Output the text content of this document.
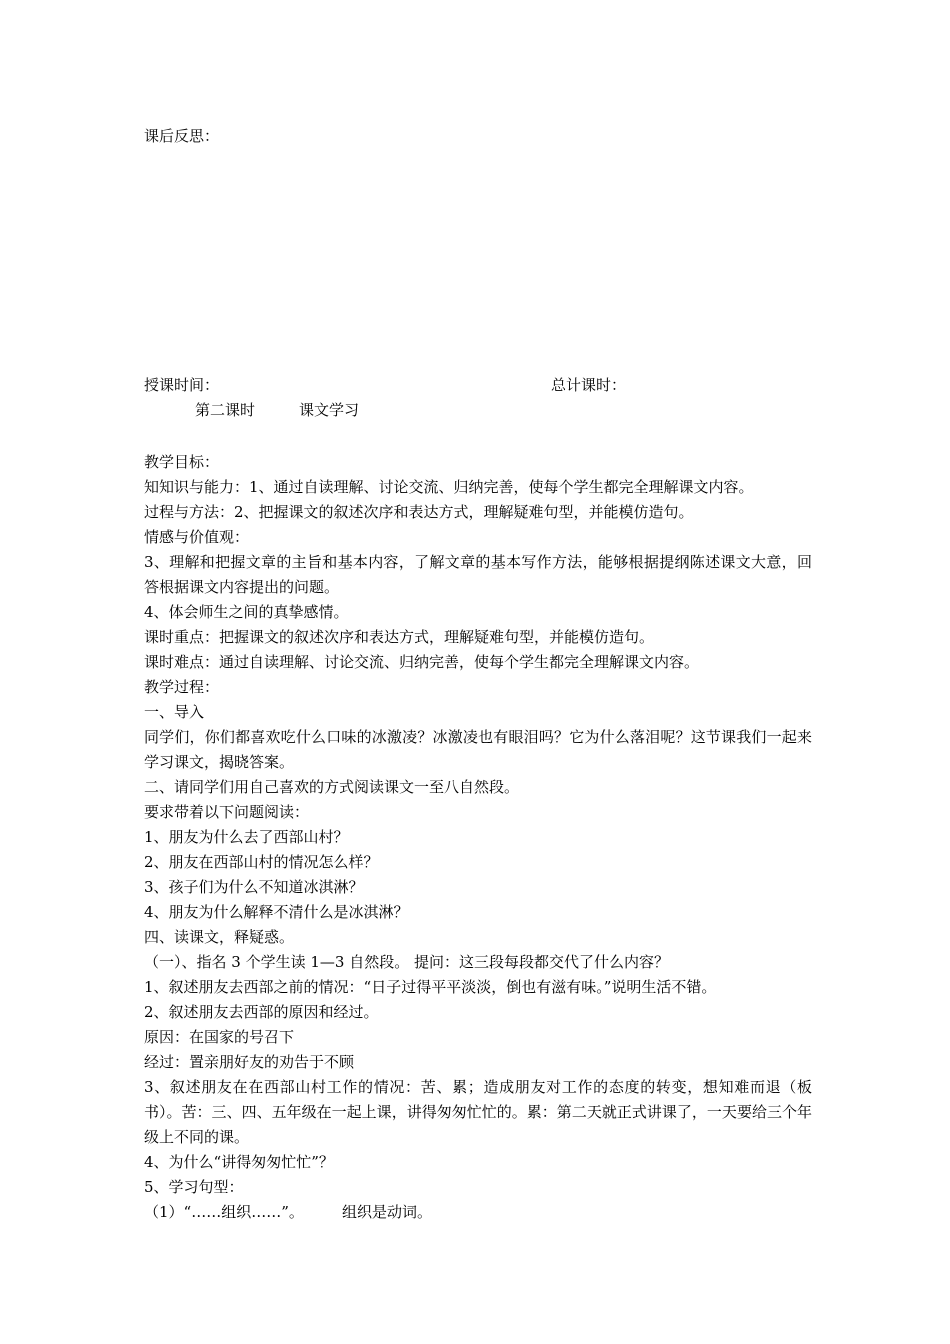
课后反思：
授课时间：	总计课时：
第二课时	课文学习

教学目标：

知知识与能力：1、通过自读理解、讨论交流、归纳完善，使每个学生都完全理解课文内容。

过程与方法：2、把握课文的叙述次序和表达方式，理解疑难句型，并能模仿造句。

情感与价值观：

3、理解和把握文章的主旨和基本内容，了解文章的基本写作方法，能够根据提纲陈述课文大意，回答根据课文内容提出的问题。

4、体会师生之间的真挚感情。

课时重点：把握课文的叙述次序和表达方式，理解疑难句型，并能模仿造句。

课时难点：通过自读理解、讨论交流、归纳完善，使每个学生都完全理解课文内容。

教学过程：

一、导入

同学们，你们都喜欢吃什么口味的冰激凌？冰激凌也有眼泪吗？它为什么落泪呢？这节课我们一起来学习课文，揭晓答案。

二、请同学们用自己喜欢的方式阅读课文一至八自然段。

要求带着以下问题阅读：

1、朋友为什么去了西部山村？

2、朋友在西部山村的情况怎么样？

3、孩子们为什么不知道冰淇淋？

4、朋友为什么解释不清什么是冰淇淋？

四、读课文，释疑惑。

（一）、指名 3 个学生读 1—3 自然段。 提问：这三段每段都交代了什么内容？

1、叙述朋友去西部之前的情况：“日子过得平平淡淡，倒也有滋有味。”说明生活不错。

2、叙述朋友去西部的原因和经过。

原因：在国家的号召下

经过：置亲朋好友的劝告于不顾

3、叙述朋友在在西部山村工作的情况：苦、累；造成朋友对工作的态度的转变，想知难而退（板书）。苦：三、四、五年级在一起上课，讲得匆匆忙忙的。累：第二天就正式讲课了，一天要给三个年级上不同的课。

4、为什么“讲得匆匆忙忙”？

5、学习句型：

（1）“……组织……”。        组织是动词。
